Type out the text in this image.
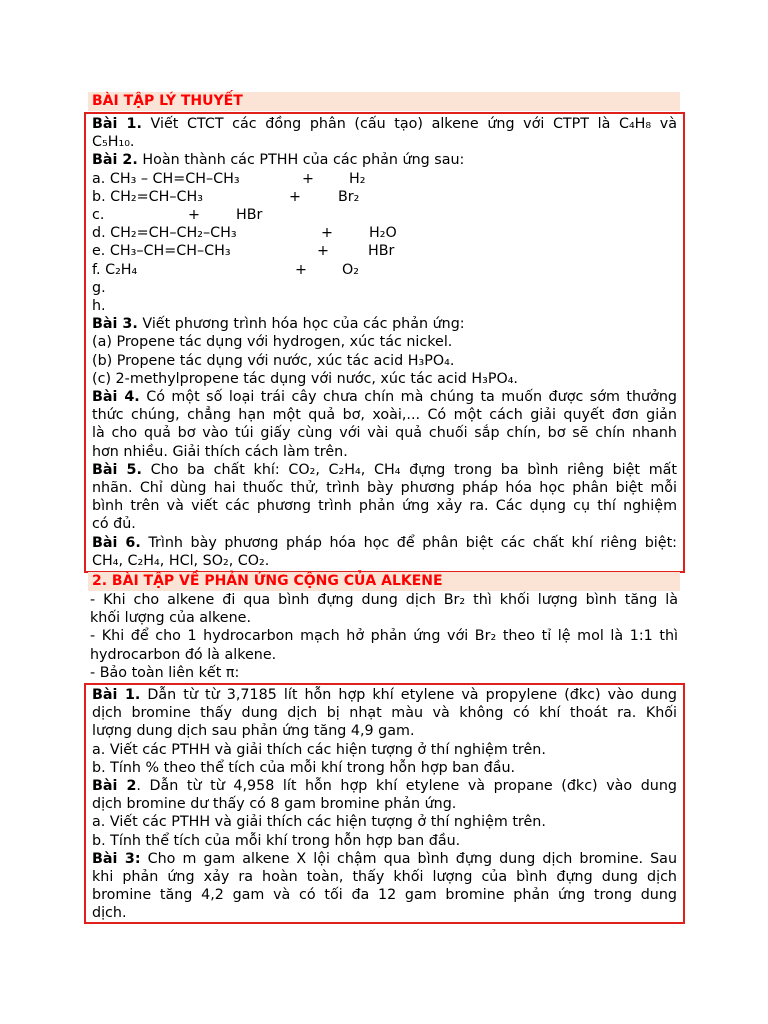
BÀI TẬP LÝ THUYẾT

Bài 1. Viết CTCT các đồng phân (cấu tạo) alkene ứng với CTPT là C₄H₈ và

C₅H₁₀.

Bài 2. Hoàn thành các PTHH của các phản ứng sau:

a. CH₃ – CH=CH–CH₃	+ H₂
b. CH₂=CH–CH₃	+	Br₂
c.	+	HBr
d. CH₂=CH–CH₂–CH₃	+	H₂O
e. CH₃–CH=CH–CH₃	+	HBr
f. C₂H₄	+ O₂

g.

h.

Bài 3. Viết phương trình hóa học của các phản ứng:

(a) Propene tác dụng với hydrogen, xúc tác nickel.

(b) Propene tác dụng với nước, xúc tác acid H₃PO₄.

(c) 2-methylpropene tác dụng với nước, xúc tác acid H₃PO₄.

Bài 4. Có một số loại trái cây chưa chín mà chúng ta muốn được sớm thưởng

thức chúng, chẳng hạn một quả bơ, xoài,... Có một cách giải quyết đơn giản

là cho quả bơ vào túi giấy cùng với vài quả chuối sắp chín, bơ sẽ chín nhanh

hơn nhiều. Giải thích cách làm trên.

Bài 5. Cho ba chất khí: CO₂, C₂H₄, CH₄ đựng trong ba bình riêng biệt mất

nhãn. Chỉ dùng hai thuốc thử, trình bày phương pháp hóa học phân biệt mỗi

bình trên và viết các phương trình phản ứng xảy ra. Các dụng cụ thí nghiệm

có đủ.

Bài 6. Trình bày phương pháp hóa học để phân biệt các chất khí riêng biệt:

CH₄, C₂H₄, HCl, SO₂, CO₂.

2. BÀI TẬP VỀ PHẢN ỨNG CỘNG CỦA ALKENE

- Khi cho alkene đi qua bình đựng dung dịch Br₂ thì khối lượng bình tăng là

khối lượng của alkene.

- Khi để cho 1 hydrocarbon mạch hở phản ứng với Br₂ theo tỉ lệ mol là 1:1 thì

hydrocarbon đó là alkene.

- Bảo toàn liên kết π:

Bài 1. Dẫn từ từ 3,7185 lít hỗn hợp khí etylene và propylene (đkc) vào dung

dịch bromine thấy dung dịch bị nhạt màu và không có khí thoát ra. Khối

lượng dung dịch sau phản ứng tăng 4,9 gam.

a. Viết các PTHH và giải thích các hiện tượng ở thí nghiệm trên.

b. Tính % theo thể tích của mỗi khí trong hỗn hợp ban đầu.

Bài 2. Dẫn từ từ 4,958 lít hỗn hợp khí etylene và propane (đkc) vào dung

dịch bromine dư thấy có 8 gam bromine phản ứng.

a. Viết các PTHH và giải thích các hiện tượng ở thí nghiệm trên.

b. Tính thể tích của mỗi khí trong hỗn hợp ban đầu.

Bài 3: Cho m gam alkene X lội chậm qua bình đựng dung dịch bromine. Sau

khi phản ứng xảy ra hoàn toàn, thấy khối lượng của bình đựng dung dịch

bromine tăng 4,2 gam và có tối đa 12 gam bromine phản ứng trong dung

dịch.
